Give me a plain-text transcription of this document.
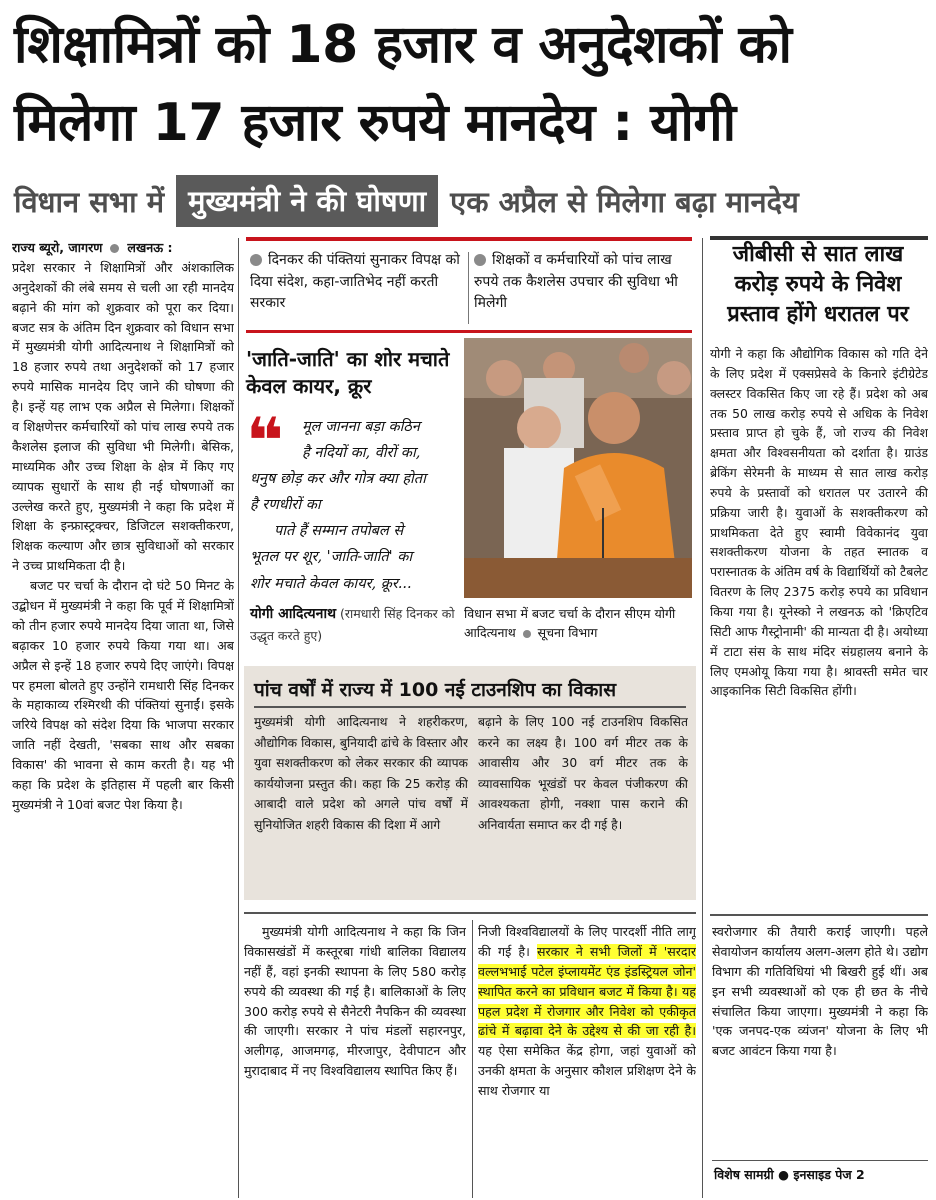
शिक्षामित्रों को 18 हजार व अनुदेशकों को
मिलेगा 17 हजार रुपये मानदेय : योगी
विधान सभा में मुख्यमंत्री ने की घोषणा एक अप्रैल से मिलेगा बढ़ा मानदेय

राज्य ब्यूरो, जागरण लखनऊ :

प्रदेश सरकार ने शिक्षामित्रों और अंशकालिक अनुदेशकों की लंबे समय से चली आ रही मानदेय बढ़ाने की मांग को शुक्रवार को पूरा कर दिया। बजट सत्र के अंतिम दिन शुक्रवार को विधान सभा में मुख्यमंत्री योगी आदित्यनाथ ने शिक्षामित्रों को 18 हजार रुपये तथा अनुदेशकों को 17 हजार रुपये मासिक मानदेय दिए जाने की घोषणा की है। इन्हें यह लाभ एक अप्रैल से मिलेगा। शिक्षकों व शिक्षणेत्तर कर्मचारियों को पांच लाख रुपये तक कैशलेस इलाज की सुविधा भी मिलेगी। बेसिक, माध्यमिक और उच्च शिक्षा के क्षेत्र में किए गए व्यापक सुधारों के साथ ही नई घोषणाओं का उल्लेख करते हुए, मुख्यमंत्री ने कहा कि प्रदेश में शिक्षा के इन्फ्रास्ट्रक्चर, डिजिटल सशक्तीकरण, शिक्षक कल्याण और छात्र सुविधाओं को सरकार ने उच्च प्राथमिकता दी है।

बजट पर चर्चा के दौरान दो घंटे 50 मिनट के उद्बोधन में मुख्यमंत्री ने कहा कि पूर्व में शिक्षामित्रों को तीन हजार रुपये मानदेय दिया जाता था, जिसे बढ़ाकर 10 हजार रुपये किया गया था। अब अप्रैल से इन्हें 18 हजार रुपये दिए जाएंगे। विपक्ष पर हमला बोलते हुए उन्होंने रामधारी सिंह दिनकर के महाकाव्य रश्मिरथी की पंक्तियां सुनाईं। इसके जरिये विपक्ष को संदेश दिया कि भाजपा सरकार जाति नहीं देखती, 'सबका साथ और सबका विकास' की भावना से काम करती है। यह भी कहा कि प्रदेश के इतिहास में पहली बार किसी मुख्यमंत्री ने 10वां बजट पेश किया है।

दिनकर की पंक्तियां सुनाकर विपक्ष को दिया संदेश, कहा-जातिभेद नहीं करती सरकार
शिक्षकों व कर्मचारियों को पांच लाख रुपये तक कैशलेस उपचार की सुविधा भी मिलेगी
'जाति-जाति' का शोर मचाते केवल कायर, क्रूर
❝	मूल जानना बड़ा कठिन
है नदियों का, वीरों का,
धनुष छोड़ कर और गोत्र क्या होता
है रणधीरों का
पाते हैं सम्मान तपोबल से
भूतल पर शूर, 'जाति-जाति' का
शोर मचाते केवल कायर, क्रूर...
योगी आदित्यनाथ (रामधारी सिंह दिनकर को उद्धृत करते हुए)
विधान सभा में बजट चर्चा के दौरान सीएम योगी आदित्यनाथ सूचना विभाग
पांच वर्षों में राज्य में 100 नई टाउनशिप का विकास
मुख्यमंत्री योगी आदित्यनाथ ने शहरीकरण, औद्योगिक विकास, बुनियादी ढांचे के विस्तार और युवा सशक्तीकरण को लेकर सरकार की व्यापक कार्ययोजना प्रस्तुत की। कहा कि 25 करोड़ की आबादी वाले प्रदेश को अगले पांच वर्षों में सुनियोजित शहरी विकास की दिशा में आगे
बढ़ाने के लिए 100 नई टाउनशिप विकसित करने का लक्ष्य है। 100 वर्ग मीटर तक के आवासीय और 30 वर्ग मीटर तक के व्यावसायिक भूखंडों पर केवल पंजीकरण की आवश्यकता होगी, नक्शा पास कराने की अनिवार्यता समाप्त कर दी गई है।

मुख्यमंत्री योगी आदित्यनाथ ने कहा कि जिन विकासखंडों में कस्तूरबा गांधी बालिका विद्यालय नहीं हैं, वहां इनकी स्थापना के लिए 580 करोड़ रुपये की व्यवस्था की गई है। बालिकाओं के लिए 300 करोड़ रुपये से सैनेटरी नैपकिन की व्यवस्था की जाएगी। सरकार ने पांच मंडलों सहारनपुर, अलीगढ़, आजमगढ़, मीरजापुर, देवीपाटन और मुरादाबाद में नए विश्वविद्यालय स्थापित किए हैं।

निजी विश्वविद्यालयों के लिए पारदर्शी नीति लागू की गई है। सरकार ने सभी जिलों में 'सरदार वल्लभभाई पटेल इंप्लायमेंट एंड इंडस्ट्रियल जोन' स्थापित करने का प्रविधान बजट में किया है। यह पहल प्रदेश में रोजगार और निवेश को एकीकृत ढांचे में बढ़ावा देने के उद्देश्य से की जा रही है। यह ऐसा समेकित केंद्र होगा, जहां युवाओं को उनकी क्षमता के अनुसार कौशल प्रशिक्षण देने के साथ रोजगार या
जीबीसी से सात लाख करोड़ रुपये के निवेश प्रस्ताव होंगे धरातल पर
योगी ने कहा कि औद्योगिक विकास को गति देने के लिए प्रदेश में एक्सप्रेसवे के किनारे इंटीग्रेटेड क्लस्टर विकसित किए जा रहे हैं। प्रदेश को अब तक 50 लाख करोड़ रुपये से अधिक के निवेश प्रस्ताव प्राप्त हो चुके हैं, जो राज्य की निवेश क्षमता और विश्वसनीयता को दर्शाता है। ग्राउंड ब्रेकिंग सेरेमनी के माध्यम से सात लाख करोड़ रुपये के प्रस्तावों को धरातल पर उतारने की प्रक्रिया जारी है। युवाओं के सशक्तीकरण को प्राथमिकता देते हुए स्वामी विवेकानंद युवा सशक्तीकरण योजना के तहत स्नातक व परास्नातक के अंतिम वर्ष के विद्यार्थियों को टैबलेट वितरण के लिए 2375 करोड़ रुपये का प्रविधान किया गया है। यूनेस्को ने लखनऊ को 'क्रिएटिव सिटी आफ गैस्ट्रोनामी' की मान्यता दी है। अयोध्या में टाटा संस के साथ मंदिर संग्रहालय बनाने के लिए एमओयू किया गया है। श्रावस्ती समेत चार आइकानिक सिटी विकसित होंगी।

स्वरोजगार की तैयारी कराई जाएगी। पहले सेवायोजन कार्यालय अलग-अलग होते थे। उद्योग विभाग की गतिविधियां भी बिखरी हुई थीं। अब इन सभी व्यवस्थाओं को एक ही छत के नीचे संचालित किया जाएगा। मुख्यमंत्री ने कहा कि 'एक जनपद-एक व्यंजन' योजना के लिए भी बजट आवंटन किया गया है।

विशेष सामग्री ● इनसाइड पेज 2
